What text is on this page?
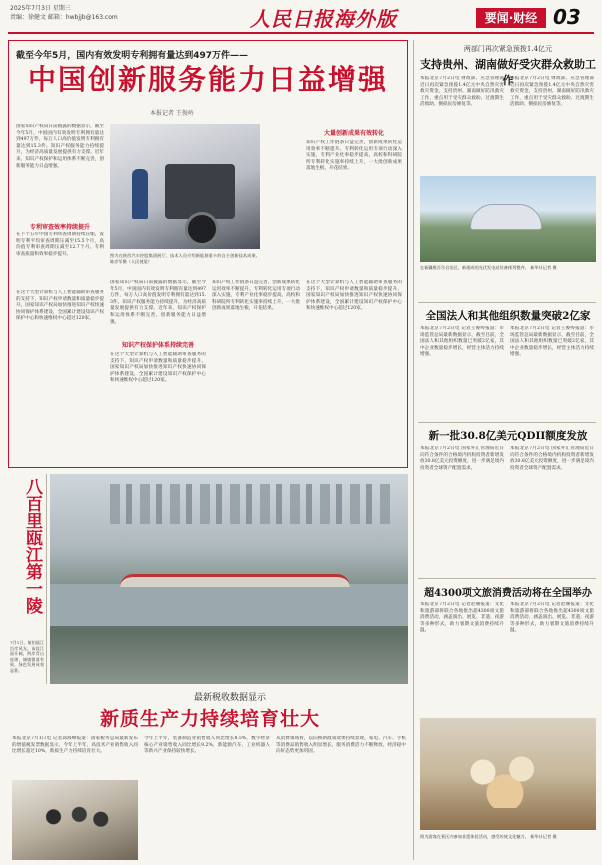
2025年7月3日 星期三
责编：徐健文 邮箱：hwbjjb@163.com	人民日报海外版	要闻·财经 03
截至今年5月，国内有效发明专利拥有量达到497万件——
中国创新服务能力日益增强
本报记者 王俊岭
国家知识产权局日前披露的数据显示，截至今年5月，中国国内有效发明专利拥有量达到497万件，每万人口高价值发明专利拥有量达到15.3件。知识产权服务能力持续提升，为经济高质量发展提供有力支撑。近年来，知识产权保护和运用体系不断完善，创新服务能力日益增强。
专利审查效率持续提升
在下个五年中国专利审查周期持续压缩，发明专利平均审查周期压减至15.5个月，高价值专利审查周期压减至12.7个月。专利审查质量和效率稳步提升。	图为在陕西汽车控股集团展厅，技术人员介绍新能源重卡的自主创新技术成果。 陈彦军摄（人民视觉）
在这个大型计算机与人工智能辅助审查服务的支持下，知识产权申请数量和质量稳步提升。国家知识产权局加快推进知识产权快速协同保护体系建设，全国累计建设知识产权保护中心和快速维权中心超过120家。
知识产权保护体系持续完善
国家知识产权局日前披露的数据显示，截至今年5月，中国国内有效发明专利拥有量达到497万件，每万人口高价值发明专利拥有量达到15.3件。知识产权服务能力持续提升，为经济高质量发展提供有力支撑。近年来，知识产权保护和运用体系不断完善，创新服务能力日益增强。
在这个大型计算机与人工智能辅助审查服务的支持下，知识产权申请数量和质量稳步提升。国家知识产权局加快推进知识产权快速协同保护体系建设，全国累计建设知识产权保护中心和快速维权中心超过120家。
知识产权工作链条日益完善，创新成果转化运用效率不断提升。专利转化运用专项行动深入实施，专利产业化率稳步提高。高校和科研院所专利转化实施率持续上升，一大批创新成果落地生根、开花结果。
大量创新成果有效转化
知识产权工作链条日益完善，创新成果转化运用效率不断提升。专利转化运用专项行动深入实施，专利产业化率稳步提高。高校和科研院所专利转化实施率持续上升，一大批创新成果落地生根、开花结果。
在这个大型计算机与人工智能辅助审查服务的支持下，知识产权申请数量和质量稳步提升。国家知识产权局加快推进知识产权快速协同保护体系建设，全国累计建设知识产权保护中心和快速维权中心超过120家。
两部门再次紧急预拨1.4亿元
支持贵州、湖南做好受灾群众救助工作
本报北京7月2日电 财政部、应急管理部近日再次紧急预拨1.4亿元中央自然灾害救灾资金，支持贵州、湖南做好防汛救灾工作，重点用于受灾群众救助、过渡期生活救助、倒损民房修复等。
本报北京7月2日电 财政部、应急管理部近日再次紧急预拨1.4亿元中央自然灾害救灾资金，支持贵州、湖南做好防汛救灾工作，重点用于受灾群众救助、过渡期生活救助、倒损民房修复等。
在新疆维吾尔自治区，新建成的光伏发电站设备排列整齐。 新华社记者 摄
全国法人和其他组织数量突破2亿家
本报北京7月2日电 记者王俊岭报道：市场监管总局最新数据显示，截至目前，全国法人和其他组织数量已突破2亿家，其中企业数量稳步增长，经营主体活力持续增强。
本报北京7月2日电 记者王俊岭报道：市场监管总局最新数据显示，截至目前，全国法人和其他组织数量已突破2亿家，其中企业数量稳步增长，经营主体活力持续增强。
新一批30.8亿美元QDII额度发放
本报北京7月2日电 国家外汇管理局近日向符合条件的合格境内机构投资者新增发放30.8亿美元投资额度，进一步满足境内投资者全球资产配置需求。
本报北京7月2日电 国家外汇管理局近日向符合条件的合格境内机构投资者新增发放30.8亿美元投资额度，进一步满足境内投资者全球资产配置需求。
超4300项文旅消费活动将在全国举办
本报北京7月2日电 记者赵珊报道：文化和旅游部将联合各地推出超4300项文旅消费活动，涵盖演出、展览、非遗、夜游等多种形式，助力暑期文旅消费持续升温。
本报北京7月2日电 记者赵珊报道：文化和旅游部将联合各地推出超4300项文旅消费活动，涵盖演出、展览、非遗、夜游等多种形式，助力暑期文旅消费持续升温。
图为游客在景区内参加非遗体验活动，感受传统文化魅力。 新华社记者 摄
八百里瓯江第一陵
7月1日，航拍瓯江沿岸风光。该段江面开阔，两岸青山连绵，城镇错落有致，绿色发展成效显著。
最新税收数据显示
新质生产力持续培育壮大
本报北京7月1日电 记者邱海峰报道：国家税务总局最新发布的增值税发票数据显示，今年上半年，高技术产业销售收入同比增长超过10%，新质生产力持续培育壮大。
今年上半年，装备制造业销售收入同比增长8.5%，数字经济核心产业销售收入同比增长9.2%，新能源汽车、工业机器人等新兴产业保持较快增长。
从消费领域看，以旧换新政策效果持续显现，家电、汽车、手机等消费品销售收入明显增长，服务消费活力不断释放，经济稳中向好态势更加巩固。
